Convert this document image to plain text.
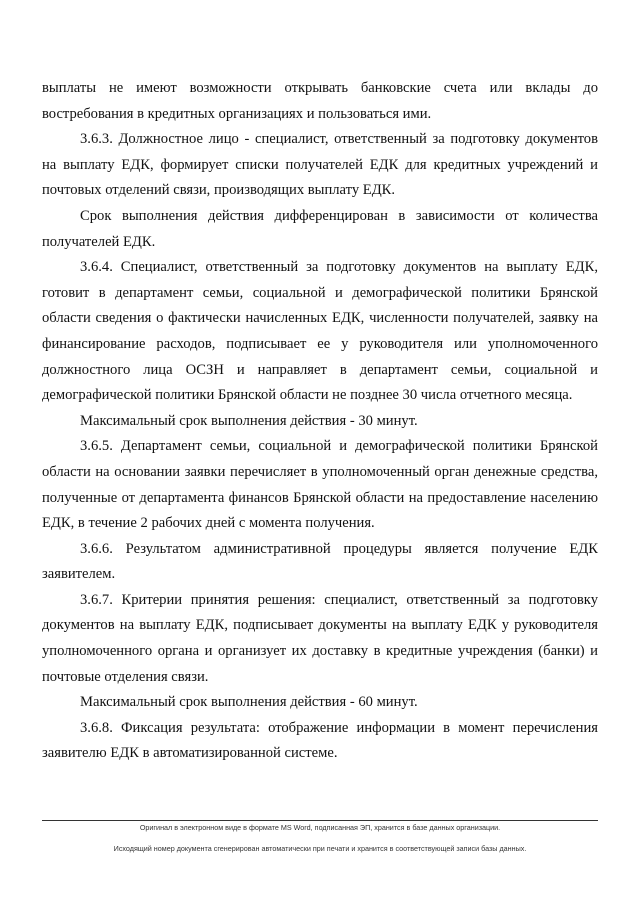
выплаты не имеют возможности открывать банковские счета или вклады до востребования в кредитных организациях и пользоваться ими.

3.6.3. Должностное лицо - специалист, ответственный за подготовку документов на выплату ЕДК, формирует списки получателей ЕДК для кредитных учреждений и почтовых отделений связи, производящих выплату ЕДК.

Срок выполнения действия дифференцирован в зависимости от количества получателей ЕДК.

3.6.4. Специалист, ответственный за подготовку документов на выплату ЕДК, готовит в департамент семьи, социальной и демографической политики Брянской области сведения о фактически начисленных ЕДК, численности получателей, заявку на финансирование расходов, подписывает ее у руководителя или уполномоченного должностного лица ОСЗН и направляет в департамент семьи, социальной и демографической политики Брянской области не позднее 30 числа отчетного месяца.

Максимальный срок выполнения действия - 30 минут.

3.6.5. Департамент семьи, социальной и демографической политики Брянской области на основании заявки перечисляет в уполномоченный орган денежные средства, полученные от департамента финансов Брянской области на предоставление населению ЕДК, в течение 2 рабочих дней с момента получения.

3.6.6. Результатом административной процедуры является получение ЕДК заявителем.

3.6.7. Критерии принятия решения: специалист, ответственный за подготовку документов на выплату ЕДК, подписывает документы на выплату ЕДК у руководителя уполномоченного органа и организует их доставку в кредитные учреждения (банки) и почтовые отделения связи.

Максимальный срок выполнения действия - 60 минут.

3.6.8. Фиксация результата: отображение информации в момент перечисления заявителю ЕДК в автоматизированной системе.

Оригинал в электронном виде в формате MS Word, подписанная ЭП, хранится в базе данных организации.

Исходящий номер документа сгенерирован автоматически при печати и хранится в соответствующей записи базы данных.
